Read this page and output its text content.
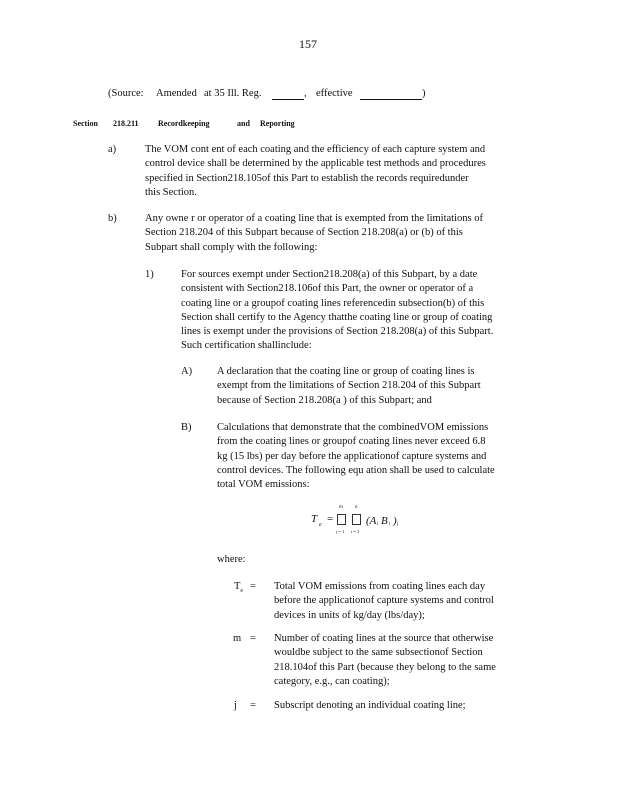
157
(Source: Amended at 35 Ill. Reg.	, effective	)
Section 218.211 Recordkeeping	and Reporting
a)	The VOM cont ent of each coating and the efficiency of each capture system and
control device shall be determined by the applicable test methods and procedures
specified in Section218.105of this Part to establish the records requiredunder
this Section.
b)	Any owne r or operator of a coating line that is exempted from the limitations of
Section 218.204 of this Subpart because of Section 218.208(a) or (b) of this
Subpart shall comply with the following:
1)	For sources exempt under Section218.208(a) of this Subpart, by a date
consistent with Section218.106of this Part, the owner or operator of a
coating line or a groupof coating lines referencedin subsection(b) of this
Section shall certify to the Agency thatthe coating line or group of coating
lines is exempt under the provisions of Section 218.208(a) of this Subpart.
Such certification shallinclude:
A) A declaration that the coating line or group of coating lines is
exempt from the limitations of Section 218.204 of this Subpart
because of Section 218.208(a ) of this Subpart; and
B) Calculations that demonstrate that the combinedVOM emissions
from the coating lines or groupof coating lines never exceed 6.8
kg (15 lbs) per day before the applicationof capture systems and
control devices. The following equ ation shall be used to calculate
total VOM emissions:
T e =
m
j = 1
n
i = 1
(A i B i ) j
where:
$T_e$ = Total VOM emissions from coating lines each day
before the applicationof capture systems and control
devices in units of kg/day (lbs/day);
m = Number of coating lines at the source that otherwise
wouldbe subject to the same subsectionof Section
218.104of this Part (because they belong to the same
category, e.g., can coating);
j = Subscript denoting an individual coating line;
